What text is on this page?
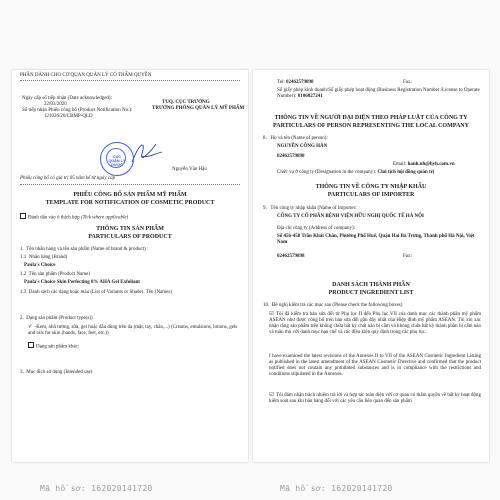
PHẦN DÀNH CHO CƠ QUAN QUẢN LÝ CÓ THẨM QUYỀN
Ngày cấp số tiếp nhận (Date acknowledged):
22/03/2020
Số tiếp nhận Phiếu công bố (Product Notification No.):
121026/20/CBMP-QLD
TUQ. CỤC TRƯỞNG
TRƯỞNG PHÒNG QUẢN LÝ MỸ PHẨM
CỤC
QUẢN LÝ
DƯỢC
Nguyễn Văn Hậu
Phiếu công bố có giá trị 05 năm kể từ ngày cấp
PHIẾU CÔNG BỐ SẢN PHẨM MỸ PHẨM
TEMPLATE FOR NOTIFICATION OF COSMETIC PRODUCT
Đánh dấu vào ô thích hợp (Tick where applicable)
THÔNG TIN SẢN PHẨM
PARTICULARS OF PRODUCT
1.  Tên nhãn hàng và tên sản phẩm (Name of brand & product) :
1.1  Nhãn hàng (Brand)
Paula's Choice
1.2  Tên sản phẩm (Product Name)
Paula's Choice Skin Perfecting 8% AHA Gel Exfoliant
1.3  Danh sách các dạng hoặc màu (List of Variants or Shade). Tên (Names)
2.  Dạng sản phẩm (Product type(s))
✓ -Kem, nhũ tương, sữa, gel hoặc dầu dùng trên da (mặt, tay, chân,...) (Creams, emulsions, lotions, gels and oils for skin (hands, face, feet, etc.))
Dạng sản phẩm khác:
3.  Mục đích sử dụng (Intended use)
Tel: 02462579898	Fax:
Số giấy phép kinh doanh/Số giấy phép hoạt động (Business Registration Number /License to Operate Number): 0106027241
THÔNG TIN VỀ NGƯỜI ĐẠI DIỆN THEO PHÁP LUẬT CỦA CÔNG TY
PARTICULARS OF PERSON REPRESENTING THE LOCAL COMPANY
8.   Họ và tên (Name of person):
NGUYỄN CÔNG HÂN
02462579898
Email: hanh.nh@hyh.com.vn
Chức vụ ở công ty (Designation in the company): Chủ tịch hội đồng quản trị
THÔNG TIN VỀ CÔNG TY NHẬP KHẨU
PARTICULARS OF IMPORTER
9.   Tên công ty nhập khẩu (Name of Importer:
CÔNG TY CỔ PHẦN BỆNH VIỆN HỮU NGHỊ QUỐC TẾ HÀ NỘI
Địa chỉ công ty (Address of company):
Số 456-458 Trần Khát Chân, Phường Phố Huế, Quận Hai Bà Trưng, Thành phố Hà Nội, Việt Nam
02462579898	Fax:
DANH SÁCH THÀNH PHẦN
PRODUCT INGREDIENT LIST
10.  Đề nghị kiểm tra các mục sau (Please check the following boxes)
☑ Tôi đã kiểm tra bản sửa đổi từ Phụ lục II đến Phụ lục VII của danh mục các thành phần mỹ phẩm ASEAN như được công bố trên bản sửa đổi gần đây nhất của Hiệp định mỹ phẩm ASEAN. Tôi xin xác nhận rằng sản phẩm trên không chứa bất kỳ chất nào bị cấm và không chứa bất kỳ thành phần bị cấm nào và tuân thủ với danh mục hạn chế và các điều kiện quy định trong các phụ lục.
I have examined the latest revisions of the Annexes II to VII of the ASEAN Cosmetic Ingredient Listing as published in the latest amendment of the ASEAN Cosmetic Directive and confirmed that the product notified does not contain any prohibited substances and is in compliance with the restrictions and conditions stipulated in the Annexes.
☑ Tôi đảm nhận trách nhiệm trả lời và hợp tác toàn diện với cơ quan có thẩm quyền về bất kỳ hoạt động kiểm soát sau khi bán hàng đối với các yêu cầu liên quan đến sản phẩm
Mã hồ sơ: 162020141720	Mã hồ sơ: 162020141720
